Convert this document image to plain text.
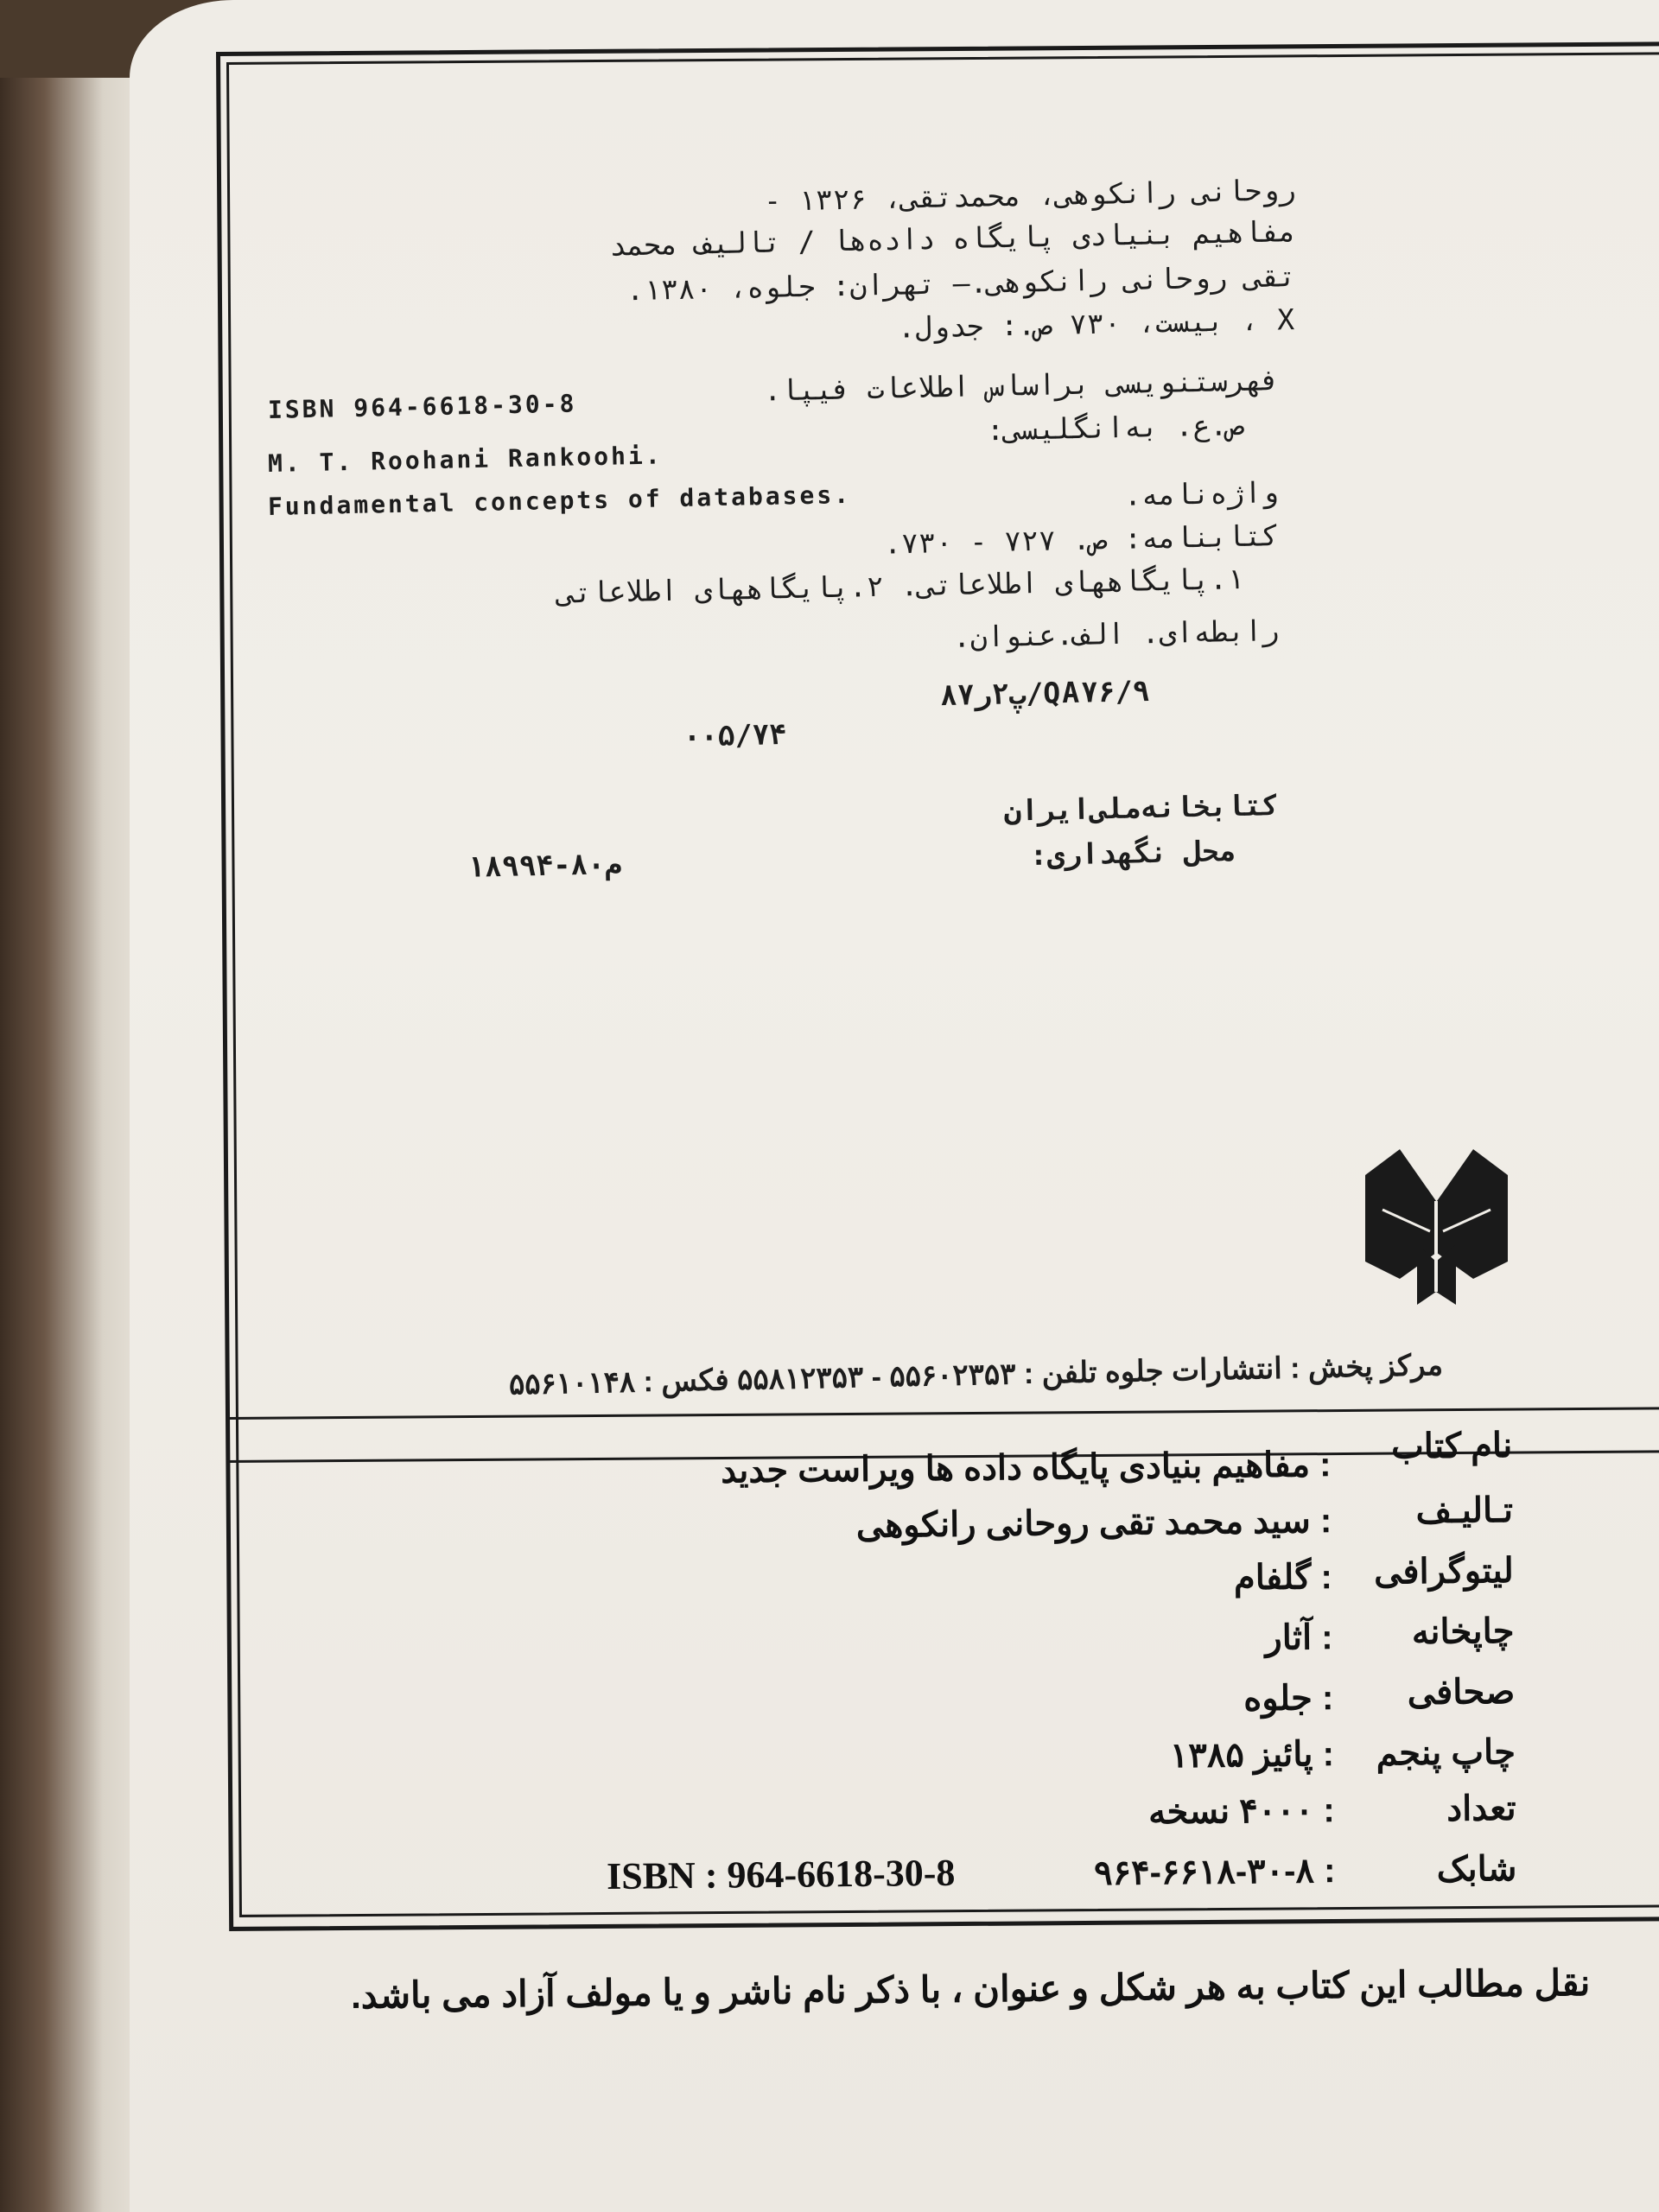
روحانی رانکوهی، محمدتقی، ۱۳۲۶ -
مفاهیم بنیادی پایگاه داده‌ها / تالیف محمد
تقی روحانی رانکوهی.— تهران: جلوه، ۱۳۸۰.
X ، بیست، ۷۳۰ ص.: جدول.
ISBN 964-6618-30-8	فهرستنویسی براساس اطلاعات فیپا.
ص.ع. به‌انگلیسی:
M. T. Roohani Rankoohi.
Fundamental concepts of databases.	واژه‌نامه.
کتابنامه: ص. ۷۲۷ - ۷۳۰.
۱.پایگاههای اطلاعاتی. ۲.پایگاههای اطلاعاتی
رابطه‌ای. الف.عنوان.
QA۷۶/۹/پ۲ر۸۷
۰۰۵/۷۴
کتابخانه‌ملی‌ایران
محل نگهداری:
م۸۰-۱۸۹۹۴
مرکز پخش : انتشارات جلوه تلفن : ۵۵۶۰۲۳۵۳ - ۵۵۸۱۲۳۵۳ فکس : ۵۵۶۱۰۱۴۸
نام کتاب
: مفاهیم بنیادی پایگاه داده ها ویراست جدید
تـالیـف
: سید محمد تقی روحانی رانکوهی
لیتوگرافی
: گلفام
چاپخانه
: آثار
صحافی
: جلوه
چاپ پنجم
: پائیز ۱۳۸۵
تعداد
: ۴۰۰۰ نسخه
شابک
: ۹۶۴-۶۶۱۸-۳۰-۸
ISBN : 964-6618-30-8
نقل مطالب این کتاب به هر شکل و عنوان ، با ذکر نام ناشر و یا مولف آزاد می باشد.
